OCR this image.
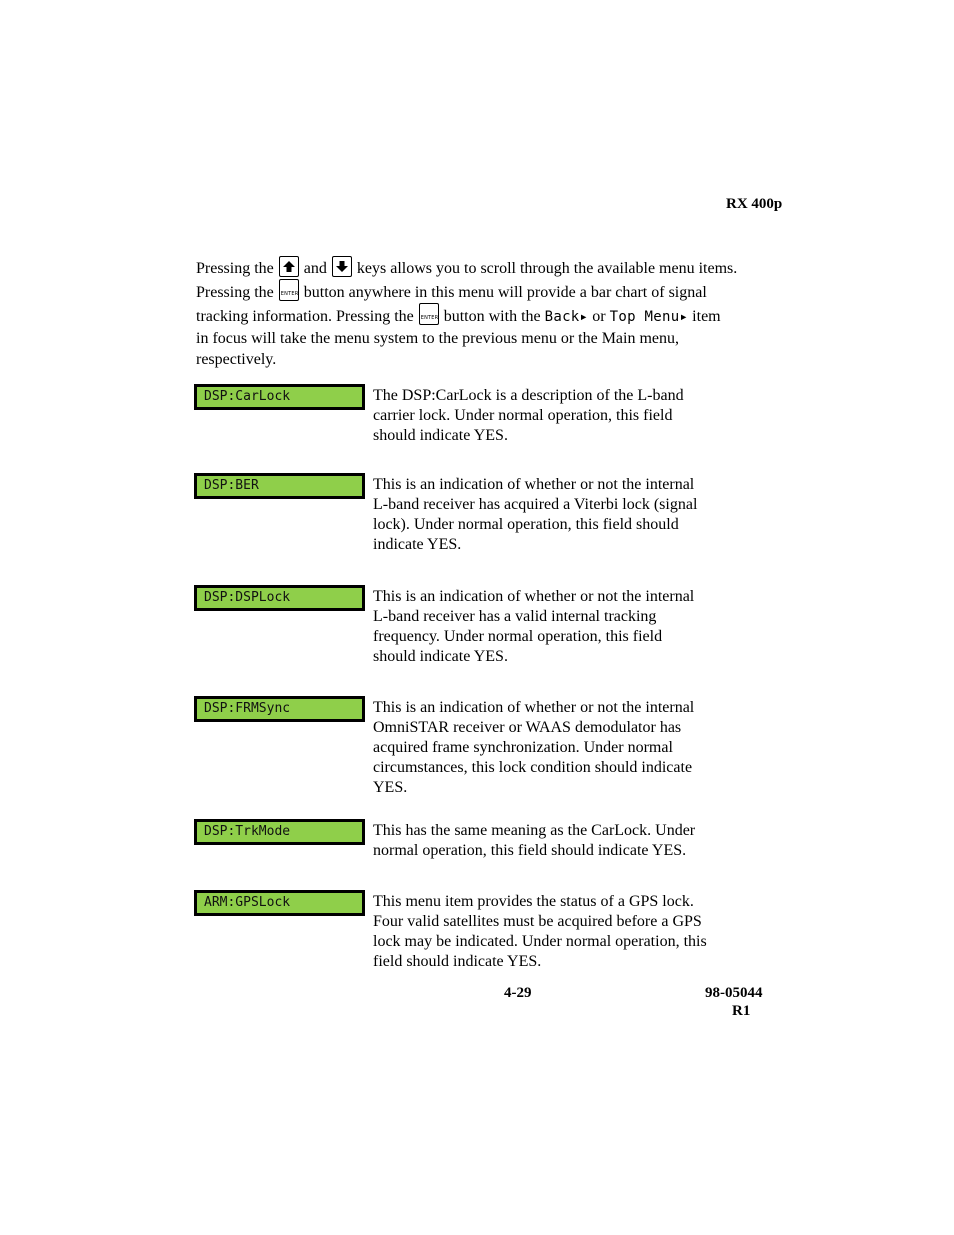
RX 400p
Pressing the
and
keys allows you to scroll through the available menu items.
Pressing the ENTER button anywhere in this menu will provide a bar chart of signal
tracking information. Pressing the ENTER button with the Back▸ or Top Menu▸ item
in focus will take the menu system to the previous menu or the Main menu,
respectively.
DSP:CarLock	The DSP:CarLock is a description of the L-band
carrier lock. Under normal operation, this field
should indicate YES.
DSP:BER	This is an indication of whether or not the internal
L-band receiver has acquired a Viterbi lock (signal
lock). Under normal operation, this field should
indicate YES.
DSP:DSPLock	This is an indication of whether or not the internal
L-band receiver has a valid internal tracking
frequency. Under normal operation, this field
should indicate YES.
DSP:FRMSync	This is an indication of whether or not the internal
OmniSTAR receiver or WAAS demodulator has
acquired frame synchronization. Under normal
circumstances, this lock condition should indicate
YES.
DSP:TrkMode	This has the same meaning as the CarLock. Under
normal operation, this field should indicate YES.
ARM:GPSLock	This menu item provides the status of a GPS lock.
Four valid satellites must be acquired before a GPS
lock may be indicated. Under normal operation, this
field should indicate YES.
4-29	98-05044
R1
